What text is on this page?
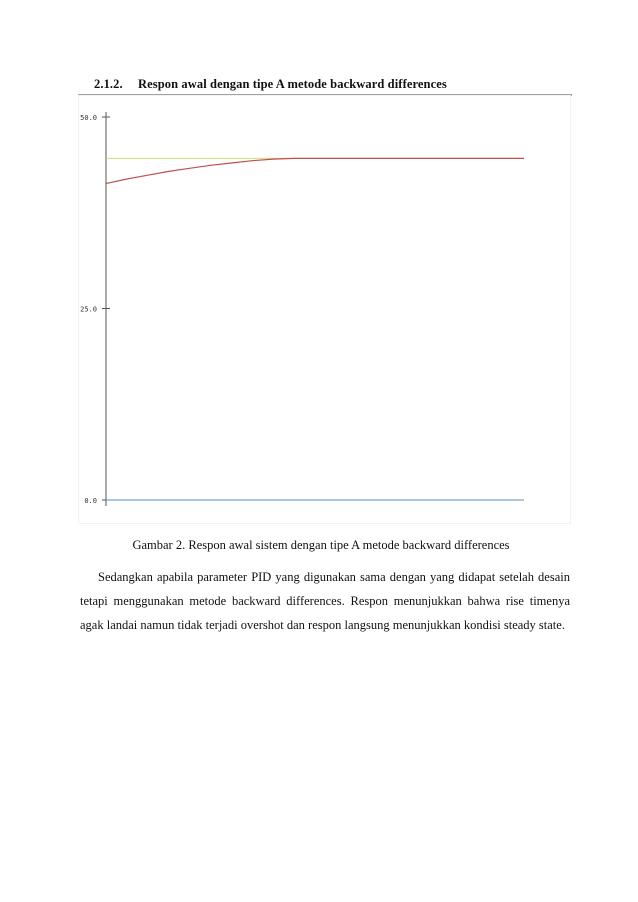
2.1.2. Respon awal dengan tipe A metode backward differences
50.0
25.0
0.0
Gambar 2. Respon awal sistem dengan tipe A metode backward differences
Sedangkan apabila parameter PID yang digunakan sama dengan yang didapat setelah desain tetapi menggunakan metode backward differences. Respon menunjukkan bahwa rise timenya agak landai namun tidak terjadi overshot dan respon langsung menunjukkan kondisi steady state.
